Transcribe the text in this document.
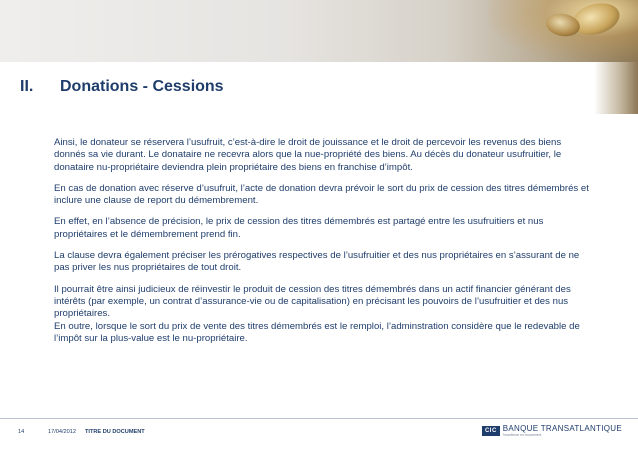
II. Donations - Cessions

Ainsi, le donateur se réservera l’usufruit, c’est-à-dire le droit de jouissance et le droit de percevoir les revenus des biens donnés sa vie durant. Le donataire ne recevra alors que la nue-propriété des biens. Au décès du donateur usufruitier, le donataire nu-propriétaire deviendra plein propriétaire des biens en franchise d’impôt.

En cas de donation avec réserve d’usufruit, l’acte de donation devra prévoir le sort du prix de cession des titres démembrés et inclure une clause de report du démembrement.

En effet, en l’absence de précision, le prix de cession des titres démembrés est partagé entre les usufruitiers et nus propriétaires et le démembrement prend fin.

La clause devra également préciser les prérogatives respectives de l’usufruitier et des nus propriétaires en s’assurant de ne pas priver les nus propriétaires de tout droit.

Il pourrait être ainsi judicieux de réinvestir le produit de cession des titres démembrés dans un actif financier générant des intérêts (par exemple, un contrat d’assurance-vie ou de capitalisation) en précisant les pouvoirs de l’usufruitier et des nus propriétaires.

En outre, lorsque le sort du prix de vente des titres démembrés est le remploi, l’adminstration considère que le redevable de l’impôt sur la plus-value est le nu-propriétaire.

14	17/04/2012 TITRE DU DOCUMENT	CIC BANQUE TRANSATLANTIQUE
l’excellence en mouvement
